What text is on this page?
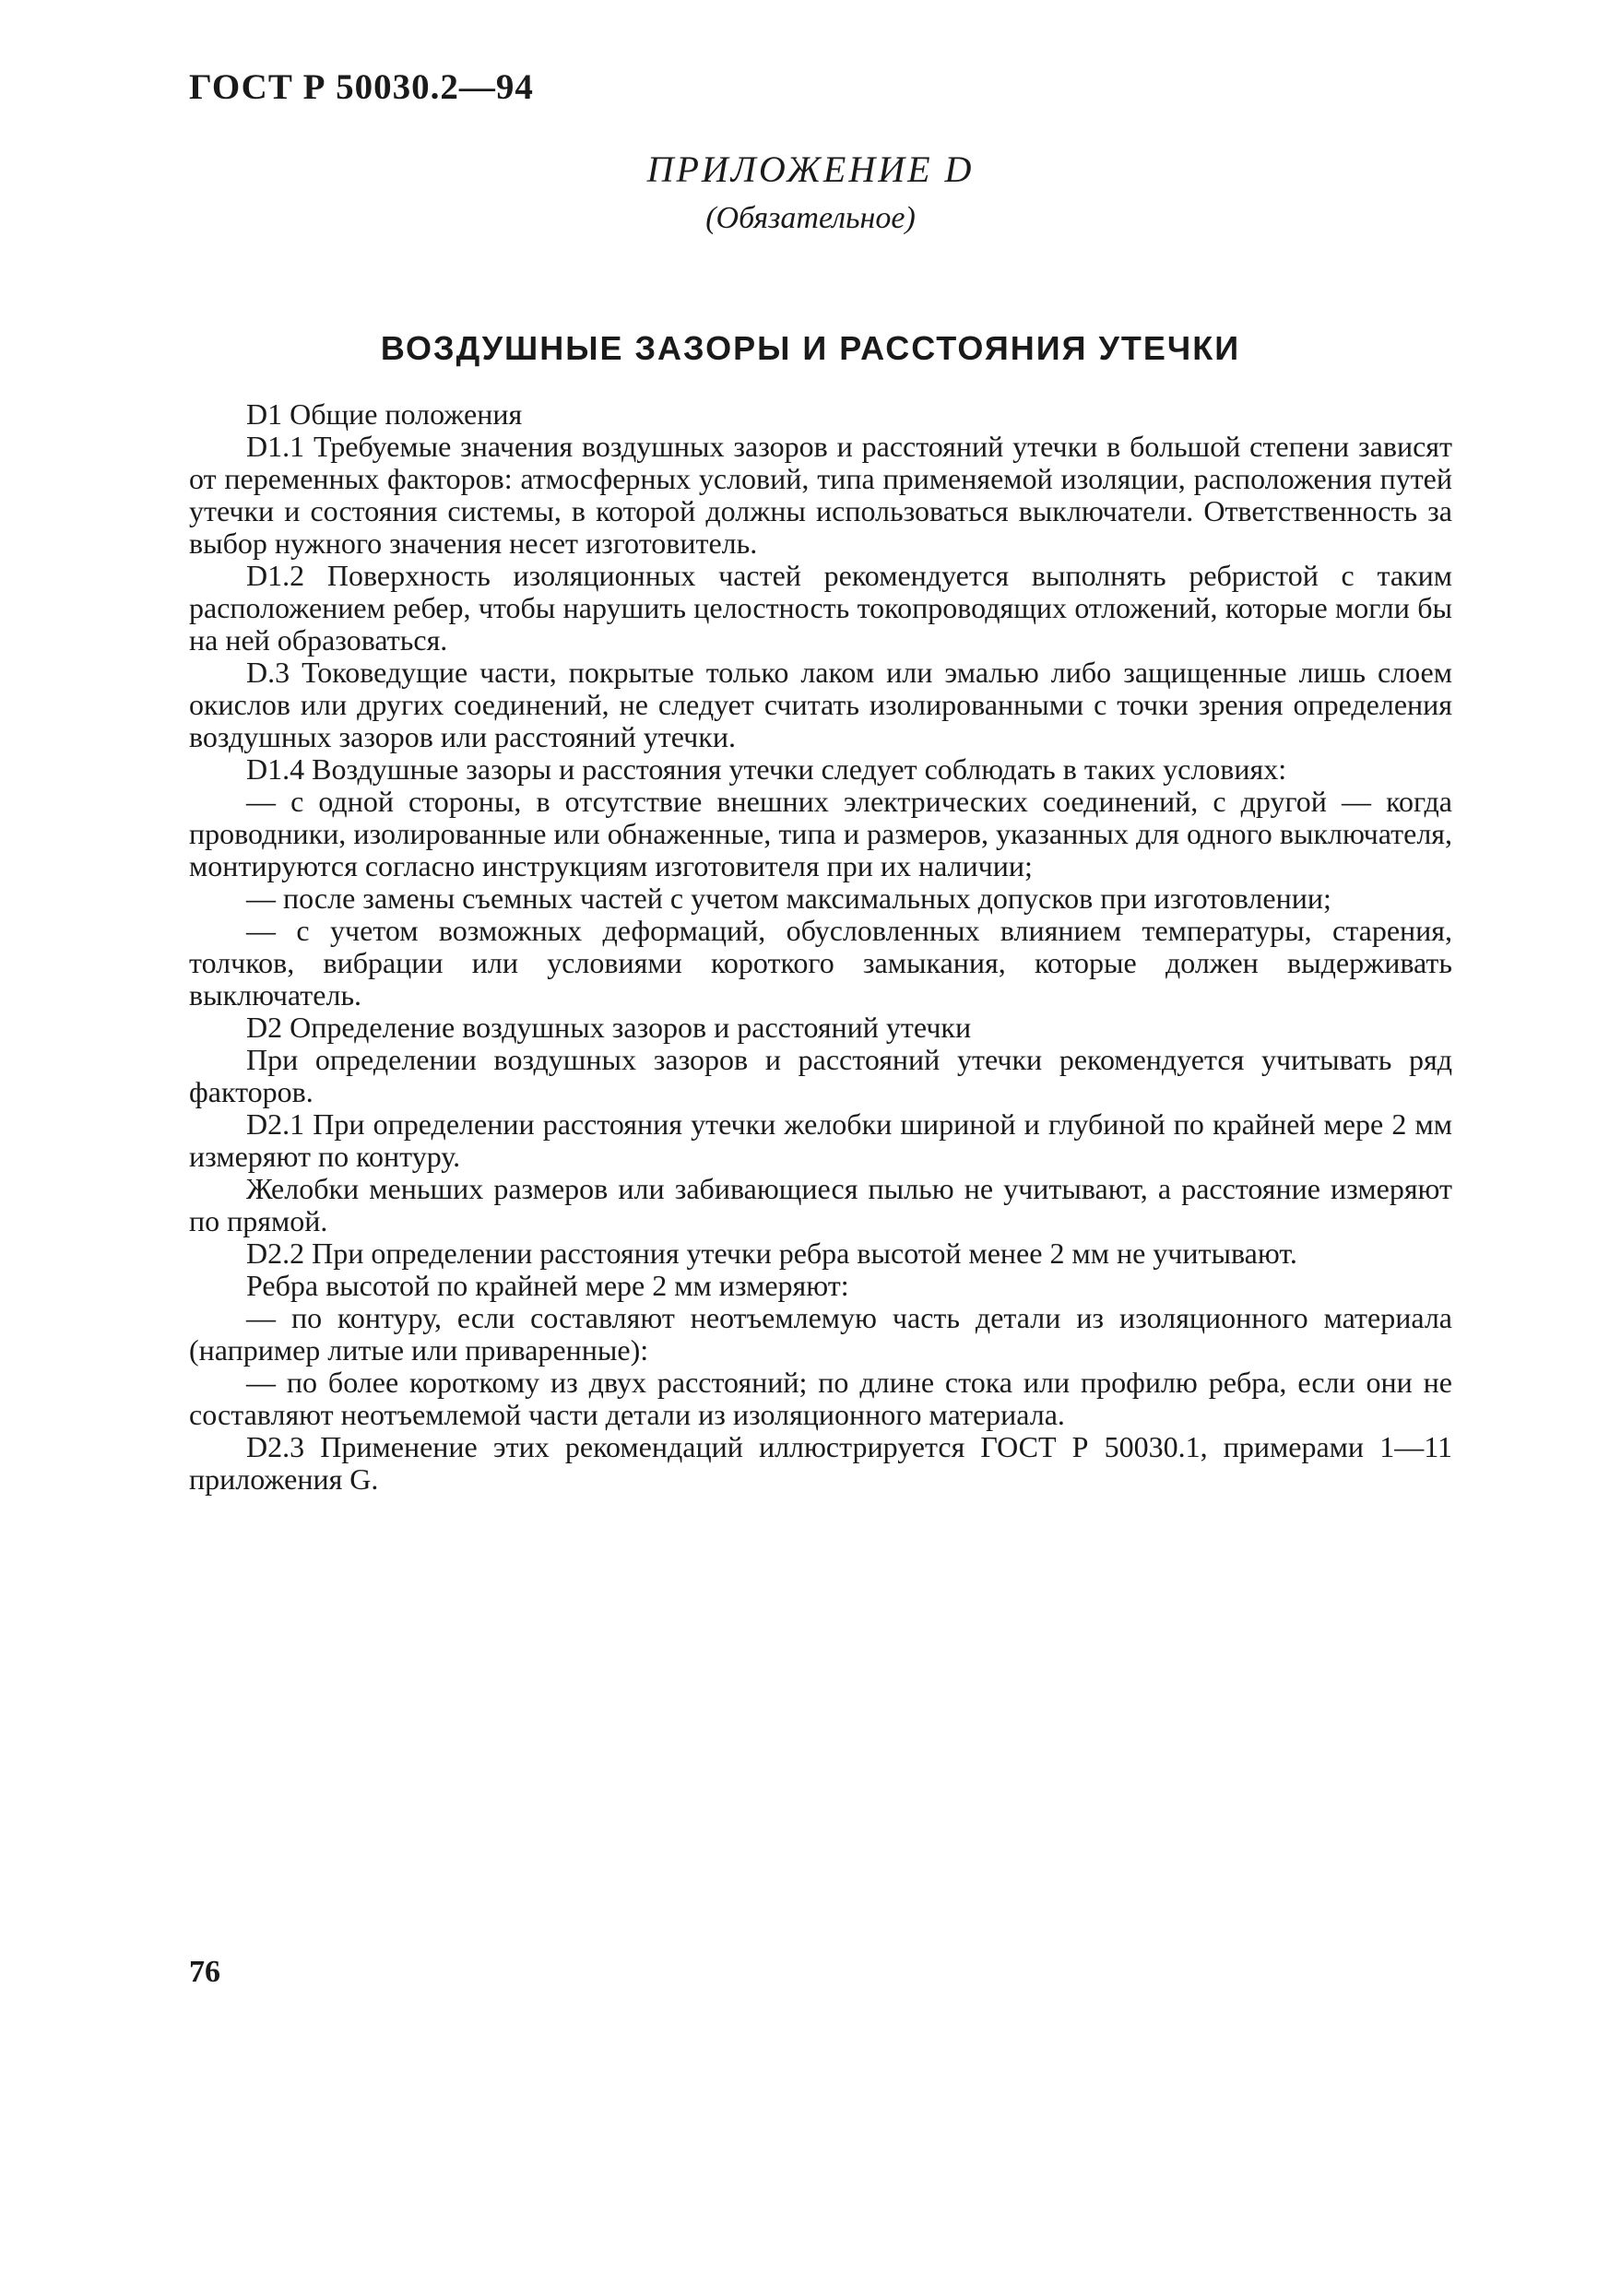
ГОСТ Р 50030.2—94
ПРИЛОЖЕНИЕ D
(Обязательное)
ВОЗДУШНЫЕ ЗАЗОРЫ И РАССТОЯНИЯ УТЕЧКИ

D1 Общие положения

D1.1 Требуемые значения воздушных зазоров и расстояний утечки в большой степени зависят от переменных факторов: атмосферных условий, типа применяемой изоляции, расположения путей утечки и состояния системы, в которой должны использоваться выключатели. Ответственность за выбор нужного значения несет изготовитель.

D1.2 Поверхность изоляционных частей рекомендуется выполнять ребристой с таким расположением ребер, чтобы нарушить целостность токопроводящих отложений, которые могли бы на ней образоваться.

D.3 Токоведущие части, покрытые только лаком или эмалью либо защищенные лишь слоем окислов или других соединений, не следует считать изолированными с точки зрения определения воздушных зазоров или расстояний утечки.

D1.4 Воздушные зазоры и расстояния утечки следует соблюдать в таких условиях:

— с одной стороны, в отсутствие внешних электрических соединений, с другой — когда проводники, изолированные или обнаженные, типа и размеров, указанных для одного выключателя, монтируются согласно инструкциям изготовителя при их наличии;

— после замены съемных частей с учетом максимальных допусков при изготовлении;

— с учетом возможных деформаций, обусловленных влиянием температуры, старения, толчков, вибрации или условиями короткого замыкания, которые должен выдерживать выключатель.

D2 Определение воздушных зазоров и расстояний утечки

При определении воздушных зазоров и расстояний утечки рекомендуется учитывать ряд факторов.

D2.1 При определении расстояния утечки желобки шириной и глубиной по крайней мере 2 мм измеряют по контуру.

Желобки меньших размеров или забивающиеся пылью не учитывают, а расстояние измеряют по прямой.

D2.2 При определении расстояния утечки ребра высотой менее 2 мм не учитывают.

Ребра высотой по крайней мере 2 мм измеряют:

— по контуру, если составляют неотъемлемую часть детали из изоляционного материала (например литые или приваренные):

— по более короткому из двух расстояний; по длине стока или профилю ребра, если они не составляют неотъемлемой части детали из изоляционного материала.

D2.3 Применение этих рекомендаций иллюстрируется ГОСТ Р 50030.1, примерами 1—11 приложения G.

76
